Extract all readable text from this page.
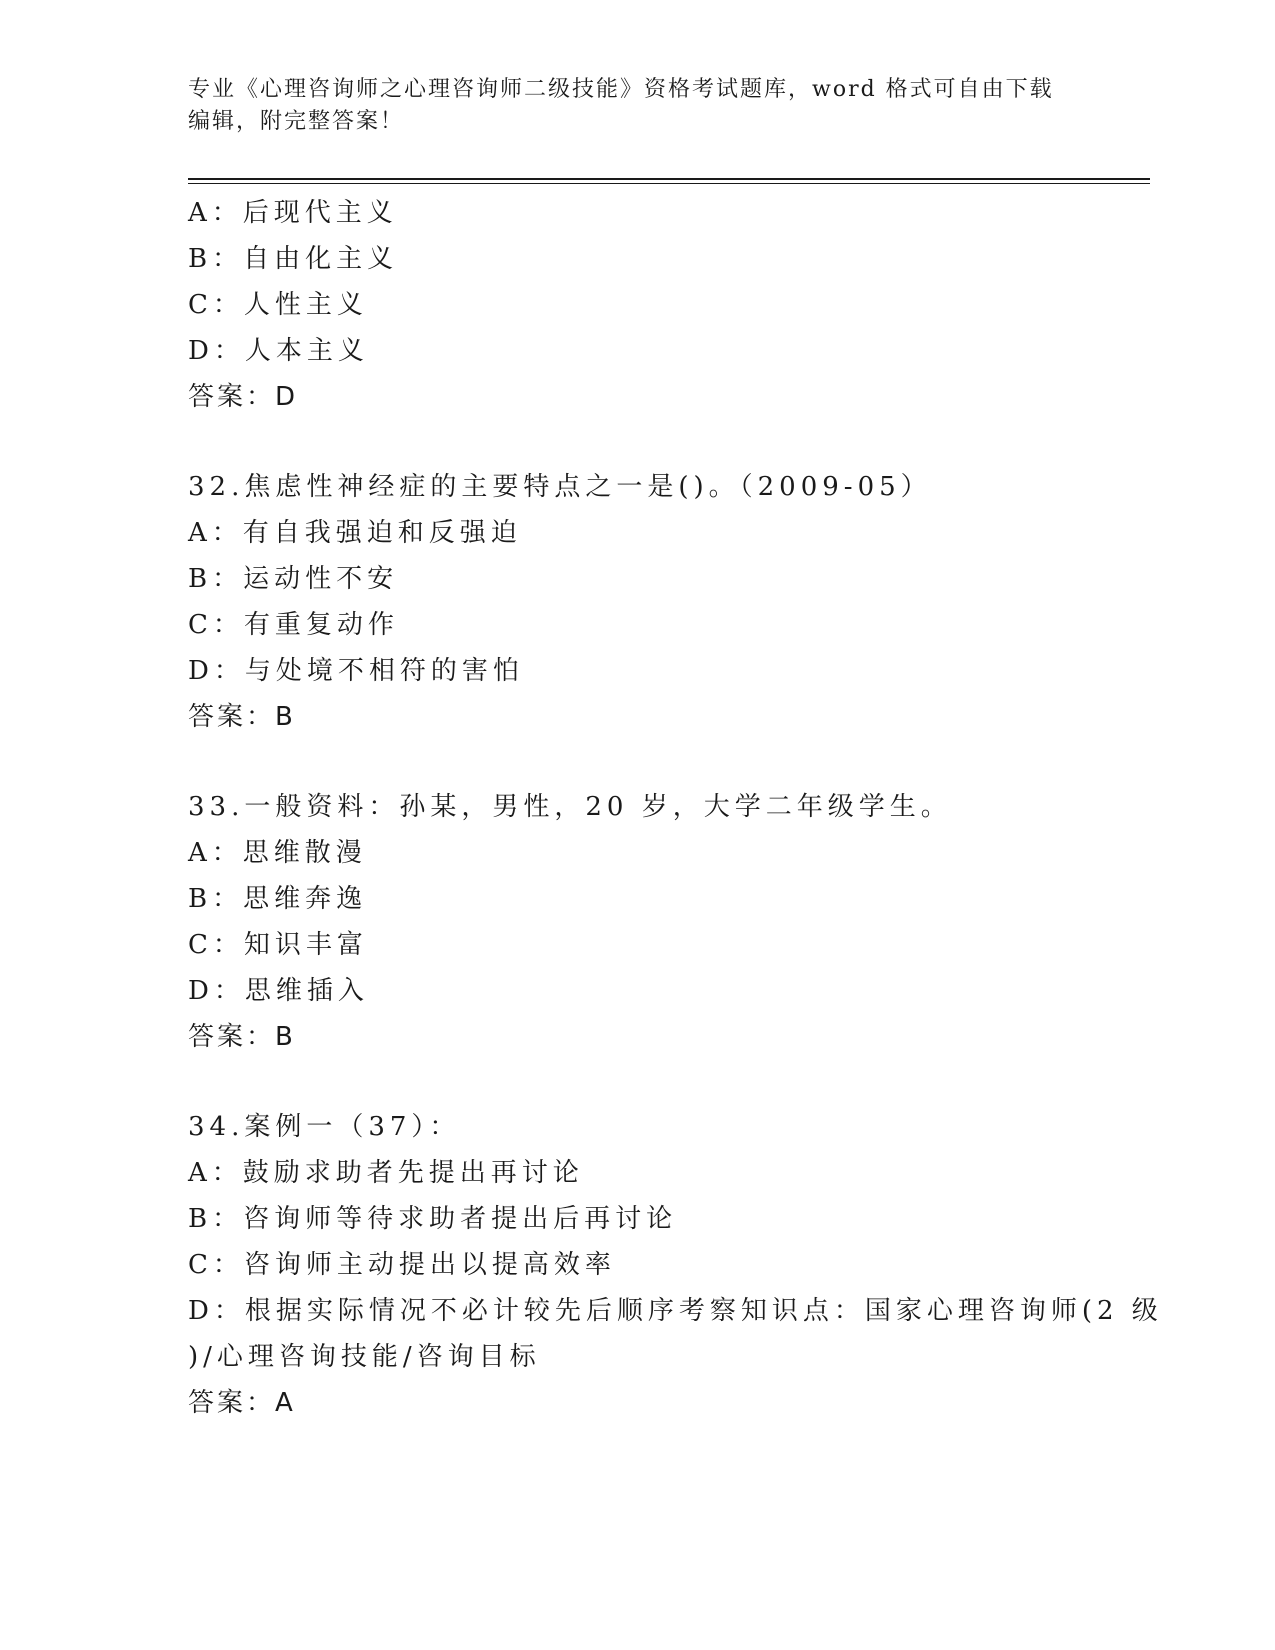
专业《心理咨询师之心理咨询师二级技能》资格考试题库，word 格式可自由下载
编辑，附完整答案！
A：后现代主义
B：自由化主义
C：人性主义
D：人本主义
答案：D
32.焦虑性神经症的主要特点之一是()。（2009-05）
A：有自我强迫和反强迫
B：运动性不安
C：有重复动作
D：与处境不相符的害怕
答案：B
33.一般资料：孙某，男性，20 岁，大学二年级学生。
A：思维散漫
B：思维奔逸
C：知识丰富
D：思维插入
答案：B
34.案例一（37）：
A：鼓励求助者先提出再讨论
B：咨询师等待求助者提出后再讨论
C：咨询师主动提出以提高效率
D：根据实际情况不必计较先后顺序考察知识点：国家心理咨询师(2 级
)/心理咨询技能/咨询目标
答案：A
